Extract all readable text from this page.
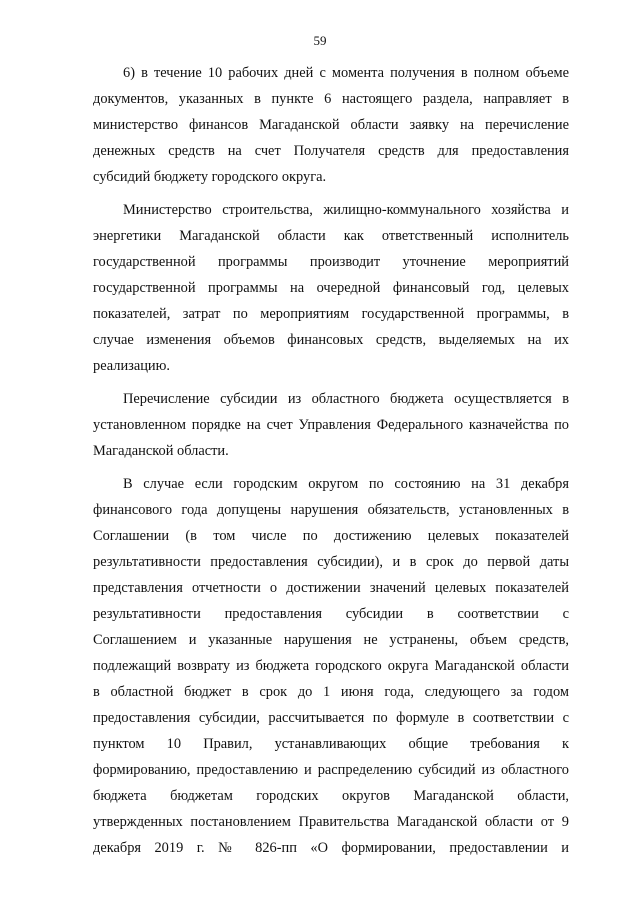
59
6) в течение 10 рабочих дней с момента получения в полном объеме
документов, указанных в пункте 6 настоящего раздела, направляет в
министерство финансов Магаданской области заявку на перечисление
денежных средств на счет Получателя средств для предоставления
субсидий бюджету городского округа.
Министерство строительства, жилищно-коммунального хозяйства и
энергетики Магаданской области как ответственный исполнитель
государственной программы производит уточнение мероприятий
государственной программы на очередной финансовый год, целевых
показателей, затрат по мероприятиям государственной программы, в
случае изменения объемов финансовых средств, выделяемых на их
реализацию.
Перечисление субсидии из областного бюджета осуществляется в
установленном порядке на счет Управления Федерального казначейства по
Магаданской области.
В случае если городским округом по состоянию на 31 декабря
финансового года допущены нарушения обязательств, установленных в
Соглашении (в том числе по достижению целевых показателей
результативности предоставления субсидии), и в срок до первой даты
представления отчетности о достижении значений целевых показателей
результативности предоставления субсидии в соответствии с
Соглашением и указанные нарушения не устранены, объем средств,
подлежащий возврату из бюджета городского округа Магаданской области
в областной бюджет в срок до 1 июня года, следующего за годом
предоставления субсидии, рассчитывается по формуле в соответствии с
пунктом 10 Правил, устанавливающих общие требования к
формированию, предоставлению и распределению субсидий из областного
бюджета бюджетам городских округов Магаданской области,
утвержденных постановлением Правительства Магаданской области от 9
декабря 2019 г. № 826-пп «О формировании, предоставлении и
